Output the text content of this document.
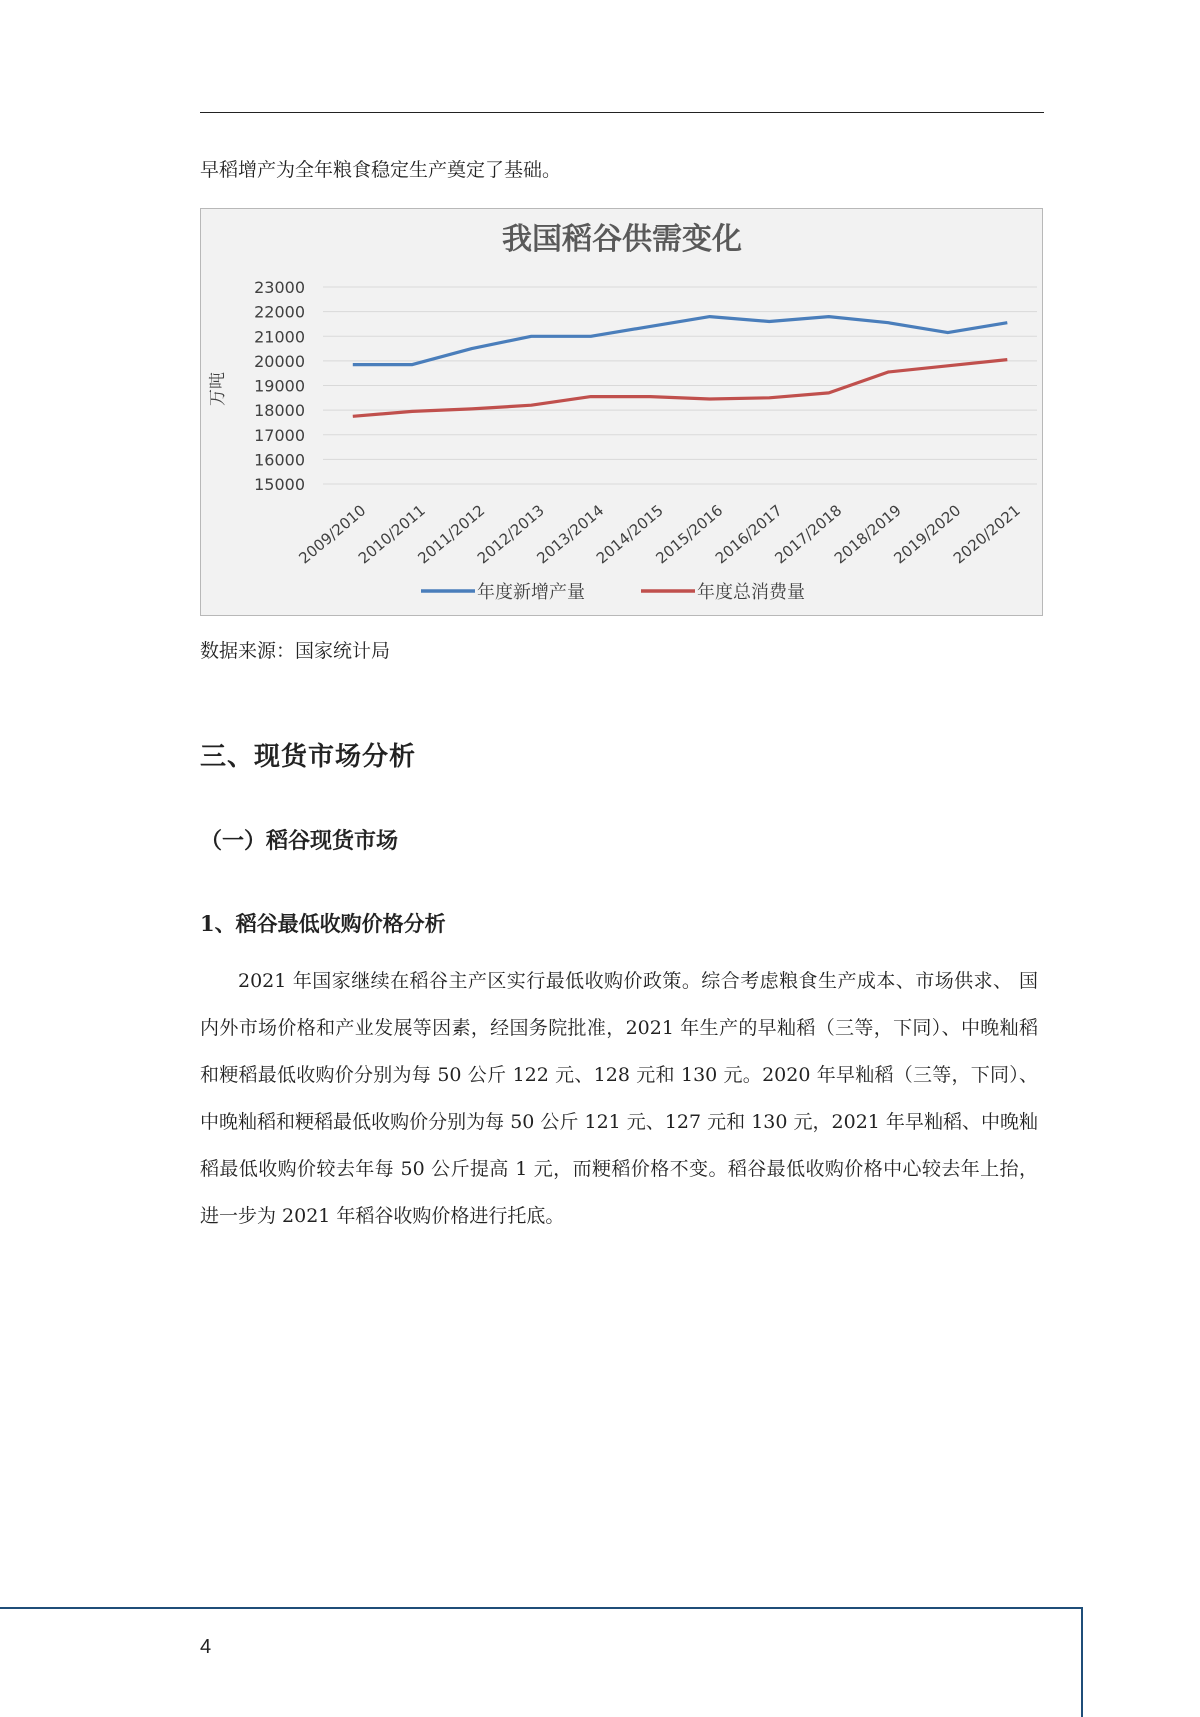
早稻增产为全年粮食稳定生产奠定了基础。
我国稻谷供需变化
万吨
15000
16000
17000
18000
19000
20000
21000
22000
23000
2009/2010
2010/2011
2011/2012
2012/2013
2013/2014
2014/2015
2015/2016
2016/2017
2017/2018
2018/2019
2019/2020
2020/2021
年度新增产量	年度总消费量
数据来源：国家统计局
三、现货市场分析
（一）稻谷现货市场
1、稻谷最低收购价格分析

2021 年国家继续在稻谷主产区实行最低收购价政策。综合考虑粮食生产成本、市场供求、 国内外市场价格和产业发展等因素，经国务院批准，2021 年生产的早籼稻（三等，下同）、中晚籼稻和粳稻最低收购价分别为每 50 公斤 122 元、128 元和 130 元。2020 年早籼稻（三等，下同）、中晚籼稻和粳稻最低收购价分别为每 50 公斤 121 元、127 元和 130 元，2021 年早籼稻、中晚籼稻最低收购价较去年每 50 公斤提高 1 元，而粳稻价格不变。稻谷最低收购价格中心较去年上抬，进一步为 2021 年稻谷收购价格进行托底。

4
